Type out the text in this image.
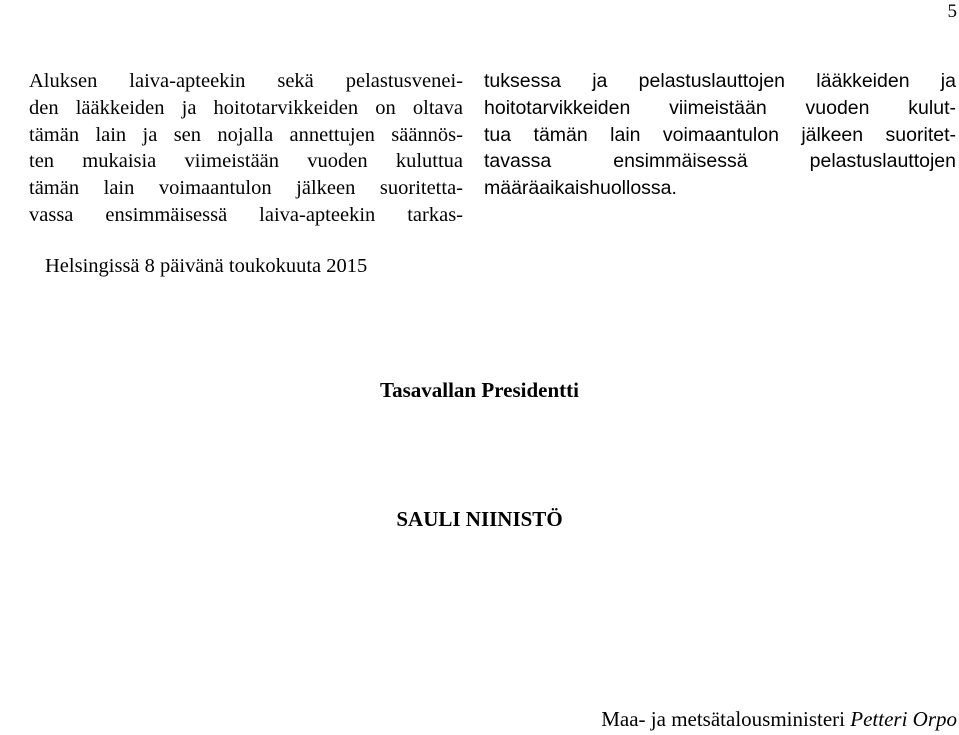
5
Aluksen laiva-apteekin sekä pelastusvenei-
den lääkkeiden ja hoitotarvikkeiden on oltava
tämän lain ja sen nojalla annettujen säännös-
ten mukaisia viimeistään vuoden kuluttua
tämän lain voimaantulon jälkeen suoritetta-
vassa ensimmäisessä laiva-apteekin tarkas-
tuksessa ja pelastuslauttojen lääkkeiden ja
hoitotarvikkeiden viimeistään vuoden kulut-
tua tämän lain voimaantulon jälkeen suoritet-
tavassa ensimmäisessä pelastuslauttojen
määräaikaishuollossa.
Helsingissä 8 päivänä toukokuuta 2015
Tasavallan Presidentti
SAULI NIINISTÖ
Maa- ja metsätalousministeri Petteri Orpo
